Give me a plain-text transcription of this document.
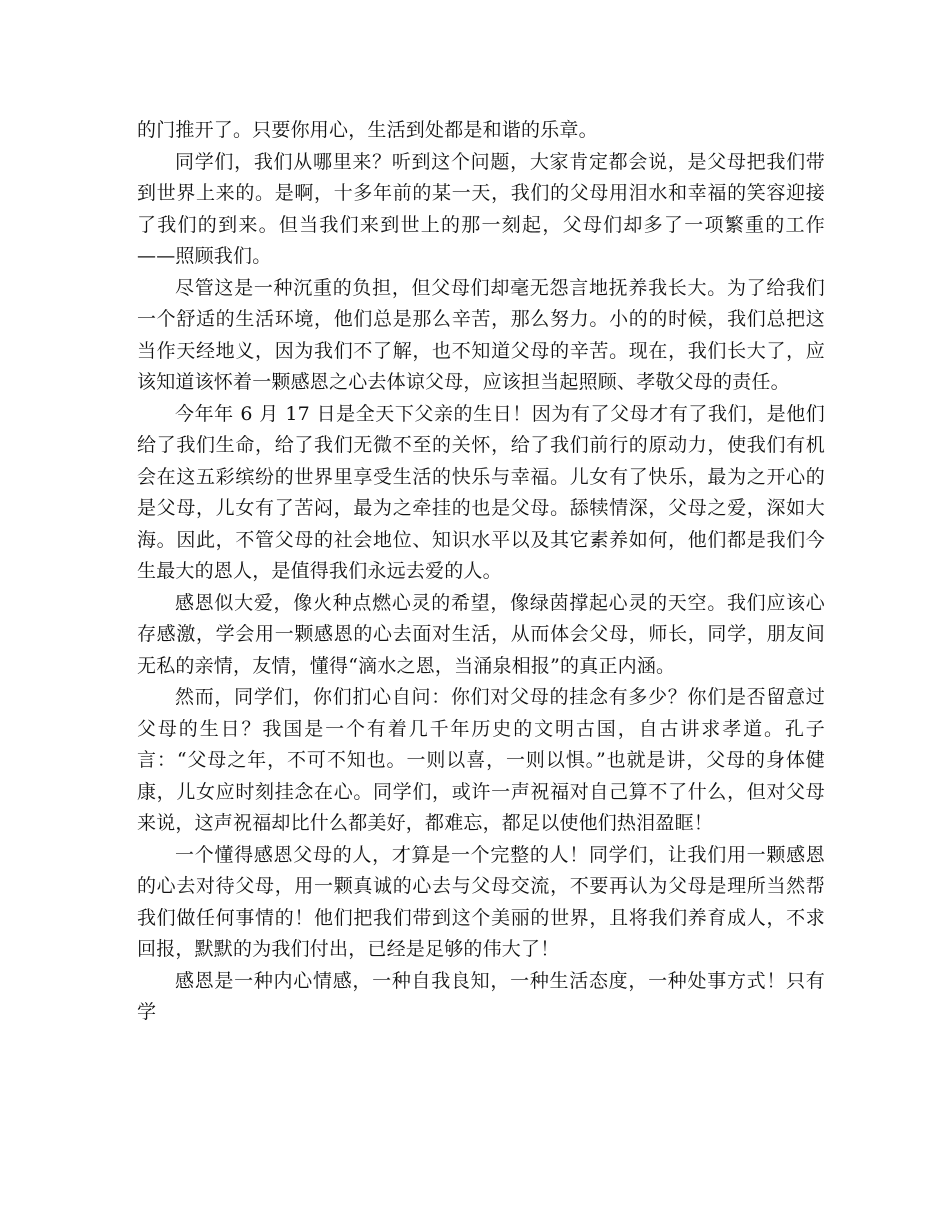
的门推开了。只要你用心，生活到处都是和谐的乐章。

同学们，我们从哪里来？听到这个问题，大家肯定都会说，是父母把我们带到世界上来的。是啊，十多年前的某一天，我们的父母用泪水和幸福的笑容迎接了我们的到来。但当我们来到世上的那一刻起，父母们却多了一项繁重的工作——照顾我们。

尽管这是一种沉重的负担，但父母们却毫无怨言地抚养我长大。为了给我们一个舒适的生活环境，他们总是那么辛苦，那么努力。小的的时候，我们总把这当作天经地义，因为我们不了解，也不知道父母的辛苦。现在，我们长大了，应该知道该怀着一颗感恩之心去体谅父母，应该担当起照顾、孝敬父母的责任。

今年年 6 月 17 日是全天下父亲的生日！因为有了父母才有了我们，是他们给了我们生命，给了我们无微不至的关怀，给了我们前行的原动力，使我们有机会在这五彩缤纷的世界里享受生活的快乐与幸福。儿女有了快乐，最为之开心的是父母，儿女有了苦闷，最为之牵挂的也是父母。舔犊情深，父母之爱，深如大海。因此，不管父母的社会地位、知识水平以及其它素养如何，他们都是我们今生最大的恩人，是值得我们永远去爱的人。

感恩似大爱，像火种点燃心灵的希望，像绿茵撑起心灵的天空。我们应该心存感激，学会用一颗感恩的心去面对生活，从而体会父母，师长，同学，朋友间无私的亲情，友情，懂得“滴水之恩，当涌泉相报”的真正内涵。

然而，同学们，你们扪心自问：你们对父母的挂念有多少？你们是否留意过父母的生日？我国是一个有着几千年历史的文明古国，自古讲求孝道。孔子言：“父母之年，不可不知也。一则以喜，一则以惧。”也就是讲，父母的身体健康，儿女应时刻挂念在心。同学们，或许一声祝福对自己算不了什么，但对父母来说，这声祝福却比什么都美好，都难忘，都足以使他们热泪盈眶！

一个懂得感恩父母的人，才算是一个完整的人！同学们，让我们用一颗感恩的心去对待父母，用一颗真诚的心去与父母交流，不要再认为父母是理所当然帮我们做任何事情的！他们把我们带到这个美丽的世界，且将我们养育成人，不求回报，默默的为我们付出，已经是足够的伟大了！

感恩是一种内心情感，一种自我良知，一种生活态度，一种处事方式！只有学
